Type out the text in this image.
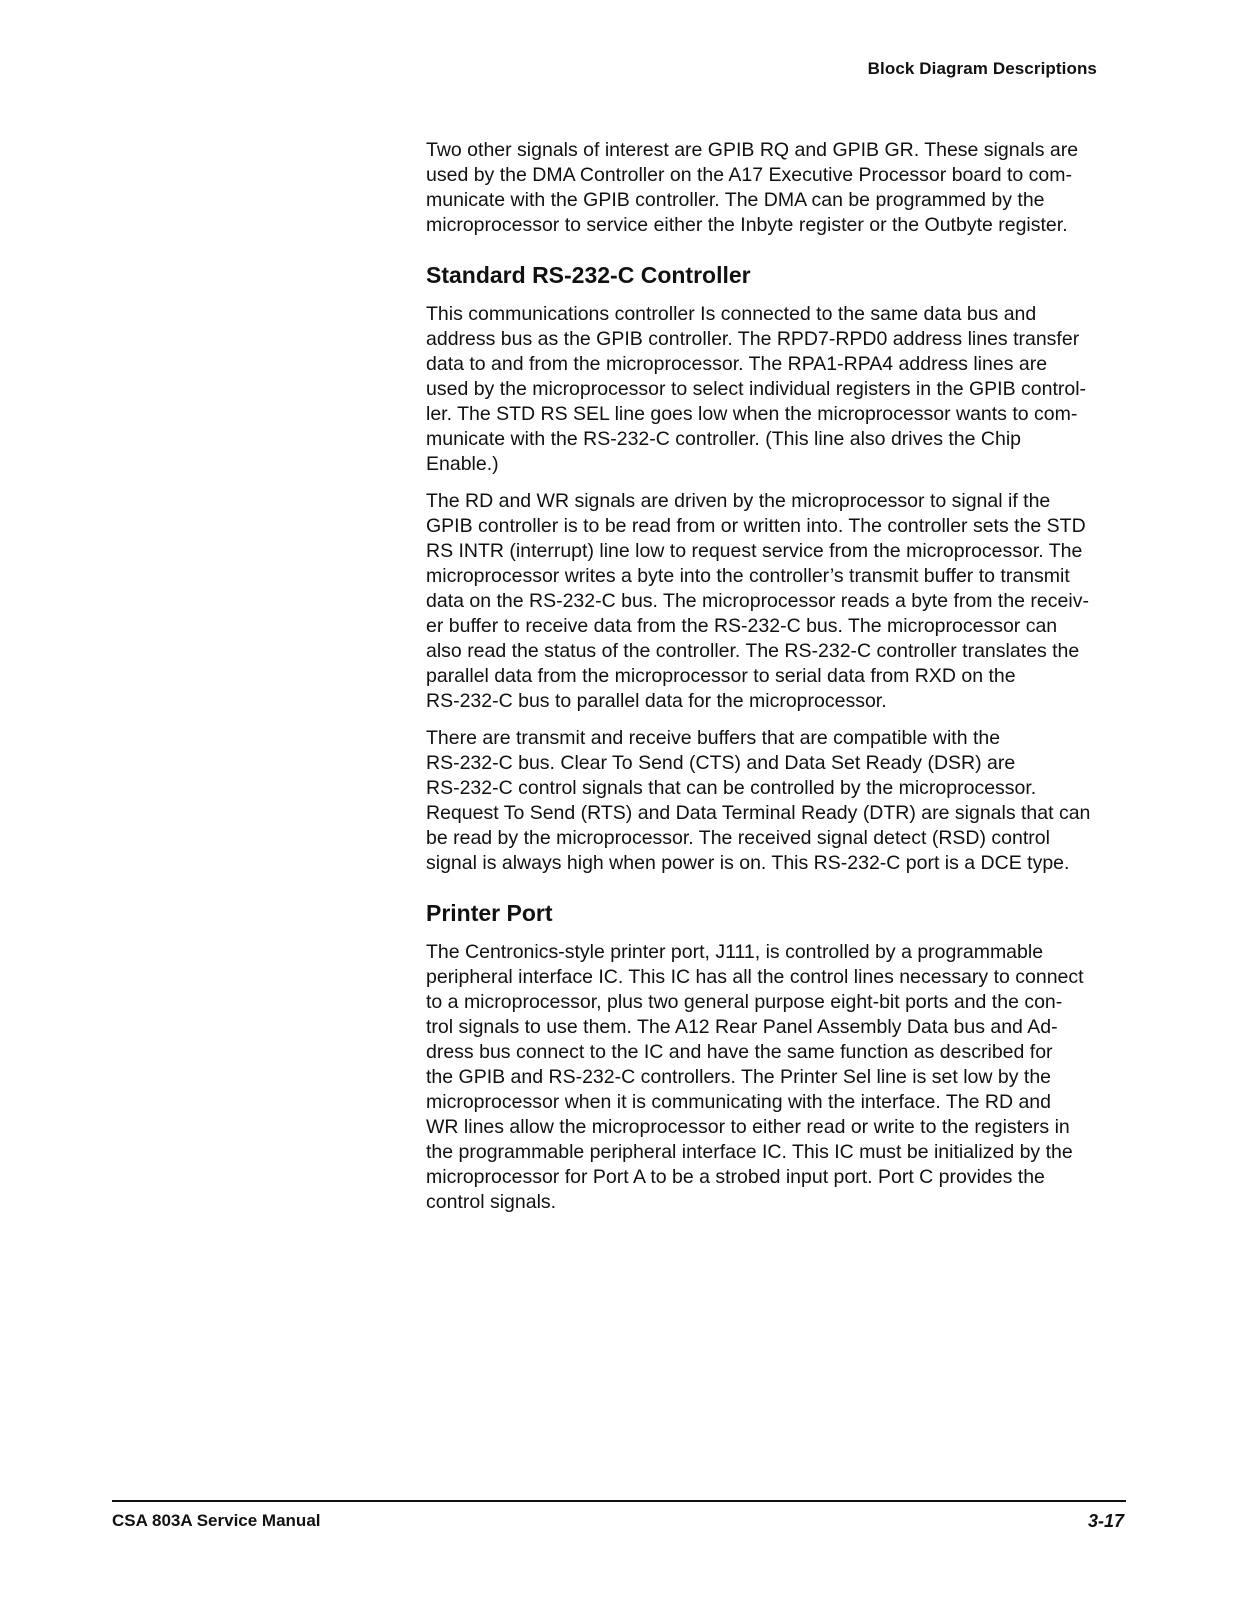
Block Diagram Descriptions

Two other signals of interest are GPIB RQ and GPIB GR. These signals are
used by the DMA Controller on the A17 Executive Processor board to com-
municate with the GPIB controller. The DMA can be programmed by the
microprocessor to service either the Inbyte register or the Outbyte register.

Standard RS-232-C Controller

This communications controller Is connected to the same data bus and
address bus as the GPIB controller. The RPD7-RPD0 address lines transfer
data to and from the microprocessor. The RPA1-RPA4 address lines are
used by the microprocessor to select individual registers in the GPIB control-
ler. The STD RS SEL line goes low when the microprocessor wants to com-
municate with the RS-232-C controller. (This line also drives the Chip
Enable.)

The RD and WR signals are driven by the microprocessor to signal if the
GPIB controller is to be read from or written into. The controller sets the STD
RS INTR (interrupt) line low to request service from the microprocessor. The
microprocessor writes a byte into the controller’s transmit buffer to transmit
data on the RS-232-C bus. The microprocessor reads a byte from the receiv-
er buffer to receive data from the RS-232-C bus. The microprocessor can
also read the status of the controller. The RS-232-C controller translates the
parallel data from the microprocessor to serial data from RXD on the
RS-232-C bus to parallel data for the microprocessor.

There are transmit and receive buffers that are compatible with the
RS-232-C bus. Clear To Send (CTS) and Data Set Ready (DSR) are
RS-232-C control signals that can be controlled by the microprocessor.
Request To Send (RTS) and Data Terminal Ready (DTR) are signals that can
be read by the microprocessor. The received signal detect (RSD) control
signal is always high when power is on. This RS-232-C port is a DCE type.

Printer Port

The Centronics-style printer port, J111, is controlled by a programmable
peripheral interface IC. This IC has all the control lines necessary to connect
to a microprocessor, plus two general purpose eight-bit ports and the con-
trol signals to use them. The A12 Rear Panel Assembly Data bus and Ad-
dress bus connect to the IC and have the same function as described for
the GPIB and RS-232-C controllers. The Printer Sel line is set low by the
microprocessor when it is communicating with the interface. The RD and
WR lines allow the microprocessor to either read or write to the registers in
the programmable peripheral interface IC. This IC must be initialized by the
microprocessor for Port A to be a strobed input port. Port C provides the
control signals.

CSA 803A Service Manual	3-17
